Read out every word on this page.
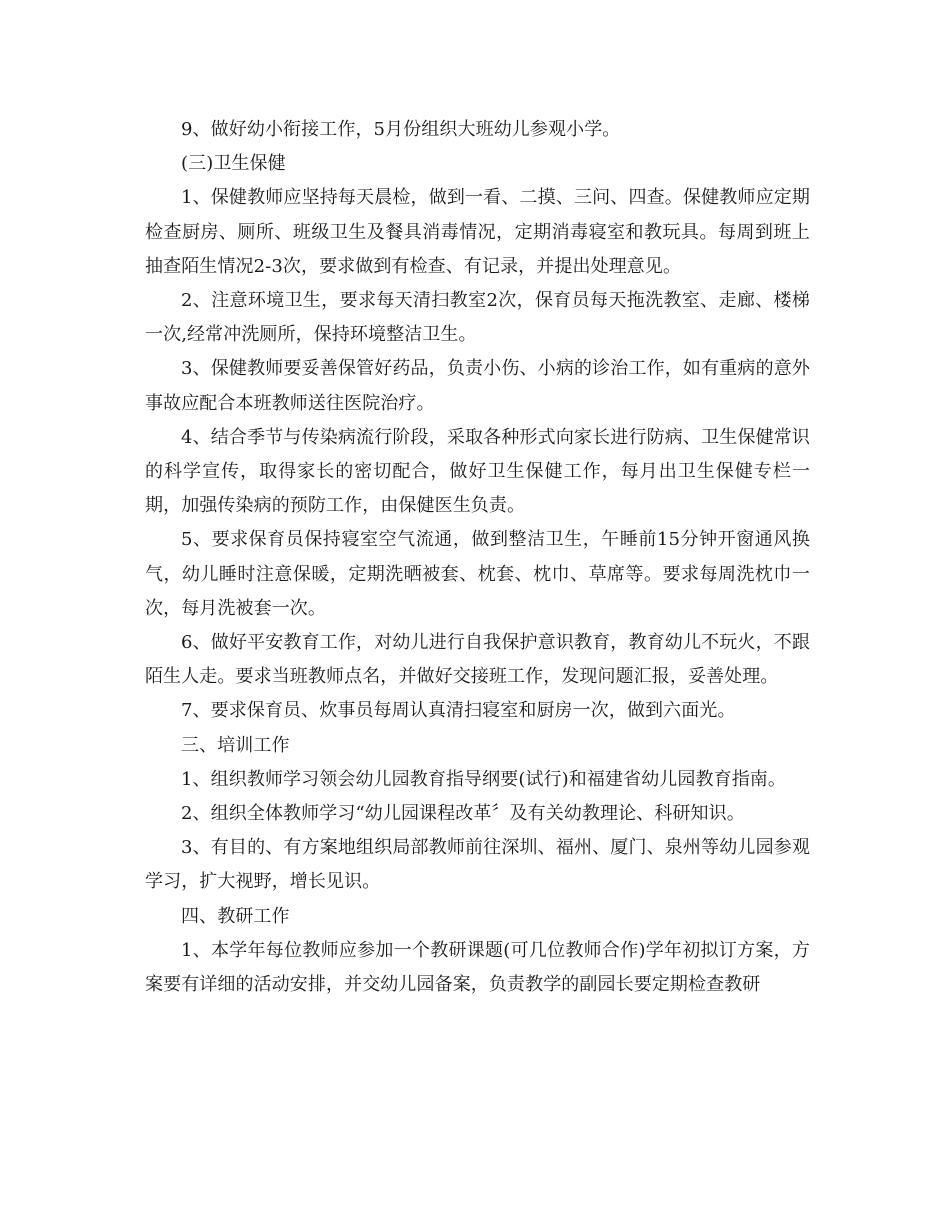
9、做好幼小衔接工作，5月份组织大班幼儿参观小学。

(三)卫生保健

1、保健教师应坚持每天晨检，做到一看、二摸、三问、四查。保健教师应定期检查厨房、厕所、班级卫生及餐具消毒情况，定期消毒寝室和教玩具。每周到班上抽查陌生情况2-3次，要求做到有检查、有记录，并提出处理意见。

2、注意环境卫生，要求每天清扫教室2次，保育员每天拖洗教室、走廊、楼梯一次,经常冲洗厕所，保持环境整洁卫生。

3、保健教师要妥善保管好药品，负责小伤、小病的诊治工作，如有重病的意外事故应配合本班教师送往医院治疗。

4、结合季节与传染病流行阶段，采取各种形式向家长进行防病、卫生保健常识的科学宣传，取得家长的密切配合，做好卫生保健工作，每月出卫生保健专栏一期，加强传染病的预防工作，由保健医生负责。

5、要求保育员保持寝室空气流通，做到整洁卫生，午睡前15分钟开窗通风换气，幼儿睡时注意保暖，定期洗晒被套、枕套、枕巾、草席等。要求每周洗枕巾一次，每月洗被套一次。

6、做好平安教育工作，对幼儿进行自我保护意识教育，教育幼儿不玩火，不跟陌生人走。要求当班教师点名，并做好交接班工作，发现问题汇报，妥善处理。

7、要求保育员、炊事员每周认真清扫寝室和厨房一次，做到六面光。

三、培训工作

1、组织教师学习领会幼儿园教育指导纲要(试行)和福建省幼儿园教育指南。

2、组织全体教师学习“幼儿园课程改革〞及有关幼教理论、科研知识。

3、有目的、有方案地组织局部教师前往深圳、福州、厦门、泉州等幼儿园参观学习，扩大视野，增长见识。

四、教研工作

1、本学年每位教师应参加一个教研课题(可几位教师合作)学年初拟订方案，方案要有详细的活动安排，并交幼儿园备案，负责教学的副园长要定期检查教研
